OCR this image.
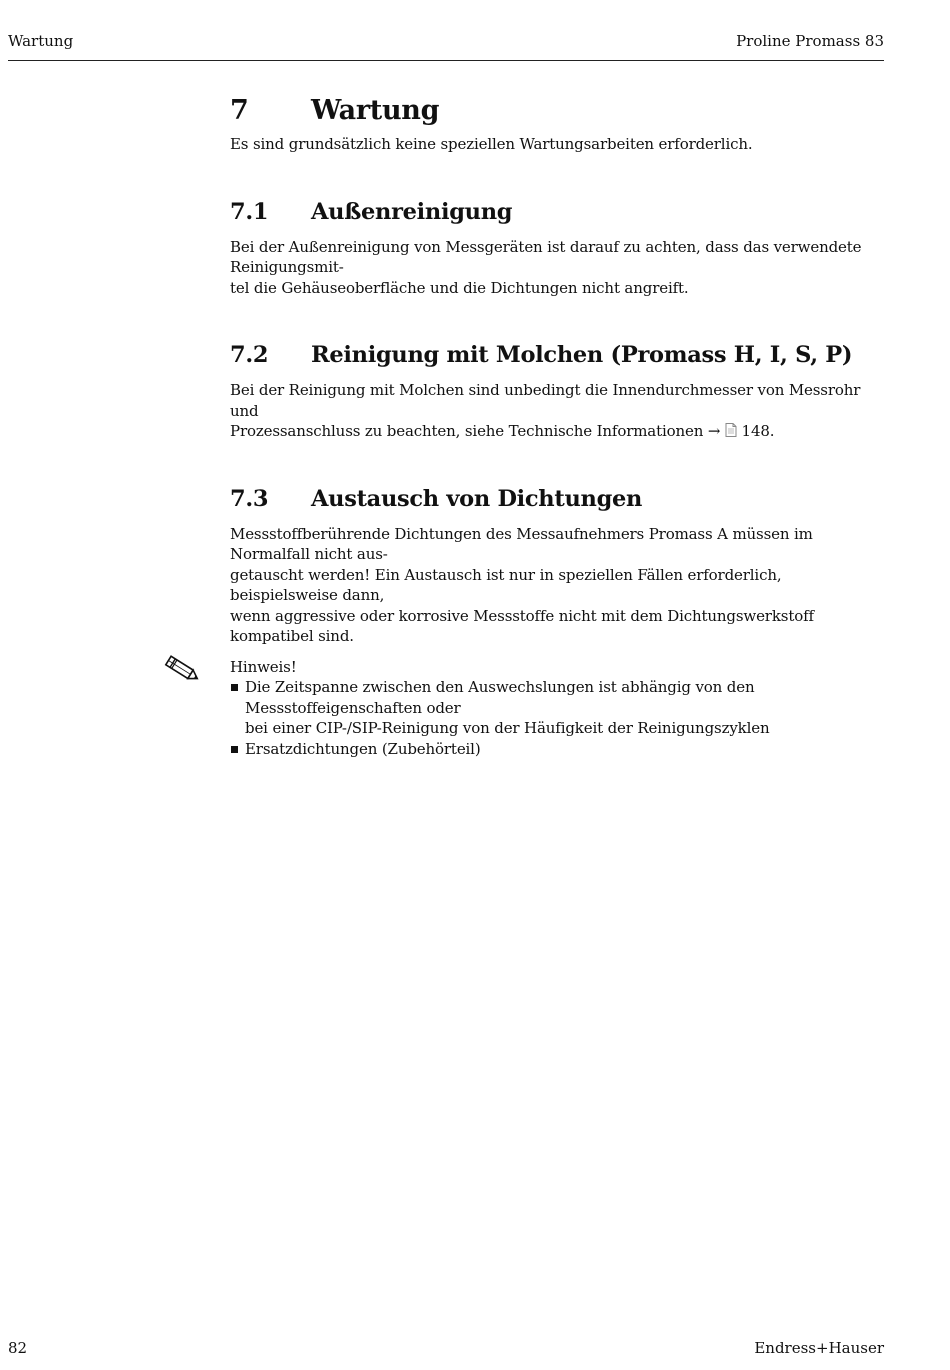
Wartung	Proline Promass 83
7 Wartung

Es sind grundsätzlich keine speziellen Wartungsarbeiten erforderlich.

7.1 Außenreinigung

Bei der Außenreinigung von Messgeräten ist darauf zu achten, dass das verwendete Reinigungsmit-

tel die Gehäuseoberfläche und die Dichtungen nicht angreift.

7.2 Reinigung mit Molchen (Promass H, I, S, P)

Bei der Reinigung mit Molchen sind unbedingt die Innendurchmesser von Messrohr und

Prozessanschluss zu beachten, siehe Technische Informationen → 148.

7.3 Austausch von Dichtungen

Messstoffberührende Dichtungen des Messaufnehmers Promass A müssen im Normalfall nicht aus-

getauscht werden! Ein Austausch ist nur in speziellen Fällen erforderlich, beispielsweise dann,

wenn aggressive oder korrosive Messstoffe nicht mit dem Dichtungswerkstoff kompatibel sind.

Hinweis!

Die Zeitspanne zwischen den Auswechslungen ist abhängig von den Messstoffeigenschaften oder
bei einer CIP-/SIP-Reinigung von der Häufigkeit der Reinigungszyklen
Ersatzdichtungen (Zubehörteil)
82	Endress+Hauser
